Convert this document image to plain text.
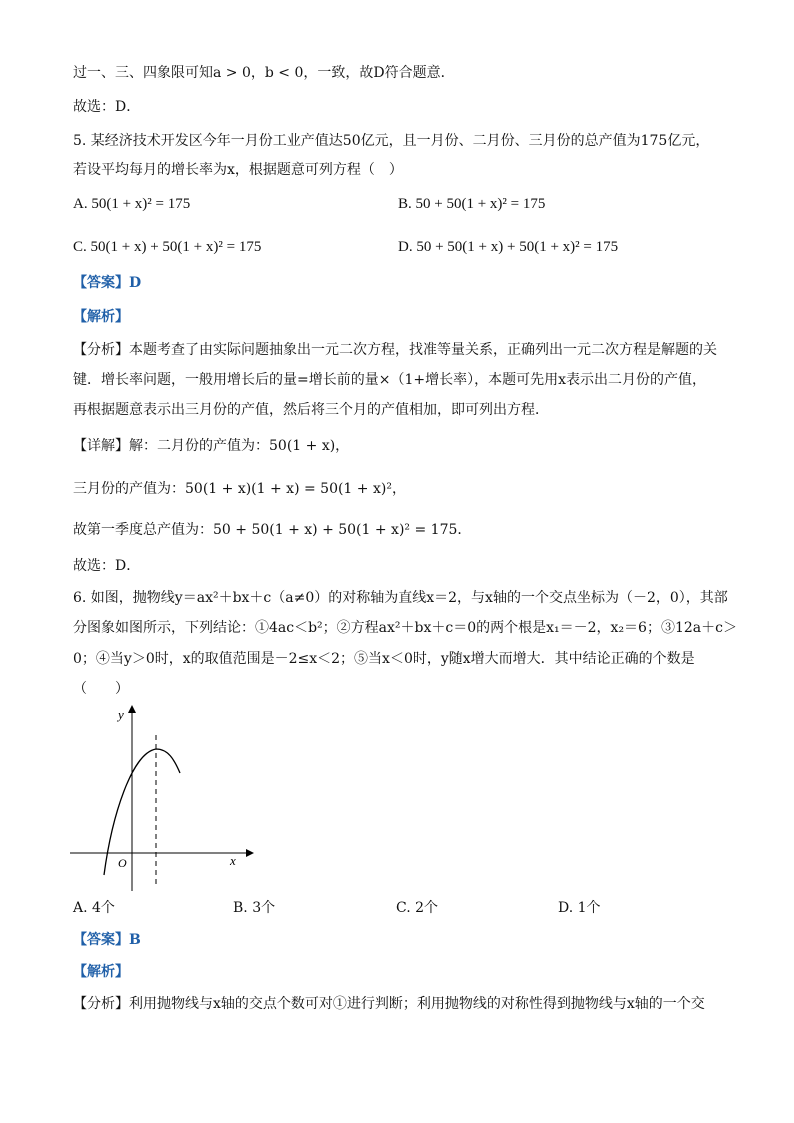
过一、三、四象限可知a > 0，b < 0，一致，故D符合题意．
故选：D．
5. 某经济技术开发区今年一月份工业产值达50亿元，且一月份、二月份、三月份的总产值为175亿元，
若设平均每月的增长率为x，根据题意可列方程（　）
A. 50(1 + x)² = 175	B. 50 + 50(1 + x)² = 175
C. 50(1 + x) + 50(1 + x)² = 175	D. 50 + 50(1 + x) + 50(1 + x)² = 175
【答案】D
【解析】
【分析】本题考查了由实际问题抽象出一元二次方程，找准等量关系，正确列出一元二次方程是解题的关
键．增长率问题，一般用增长后的量=增长前的量×（1+增长率），本题可先用x表示出二月份的产值，
再根据题意表示出三月份的产值，然后将三个月的产值相加，即可列出方程．
【详解】解：二月份的产值为：50(1 + x)，
三月份的产值为：50(1 + x)(1 + x) = 50(1 + x)²，
故第一季度总产值为：50 + 50(1 + x) + 50(1 + x)² = 175．
故选：D．
6. 如图，抛物线y＝ax²＋bx＋c（a≠0）的对称轴为直线x＝2，与x轴的一个交点坐标为（－2，0），其部
分图象如图所示，下列结论：①4ac＜b²；②方程ax²＋bx＋c＝0的两个根是x₁＝－2，x₂＝6；③12a＋c＞
0；④当y＞0时，x的取值范围是－2≤x＜2；⑤当x＜0时，y随x增大而增大．其中结论正确的个数是
（　　）
y
x
O
A. 4个	B. 3个	C. 2个	D. 1个
【答案】B
【解析】
【分析】利用抛物线与x轴的交点个数可对①进行判断；利用抛物线的对称性得到抛物线与x轴的一个交
